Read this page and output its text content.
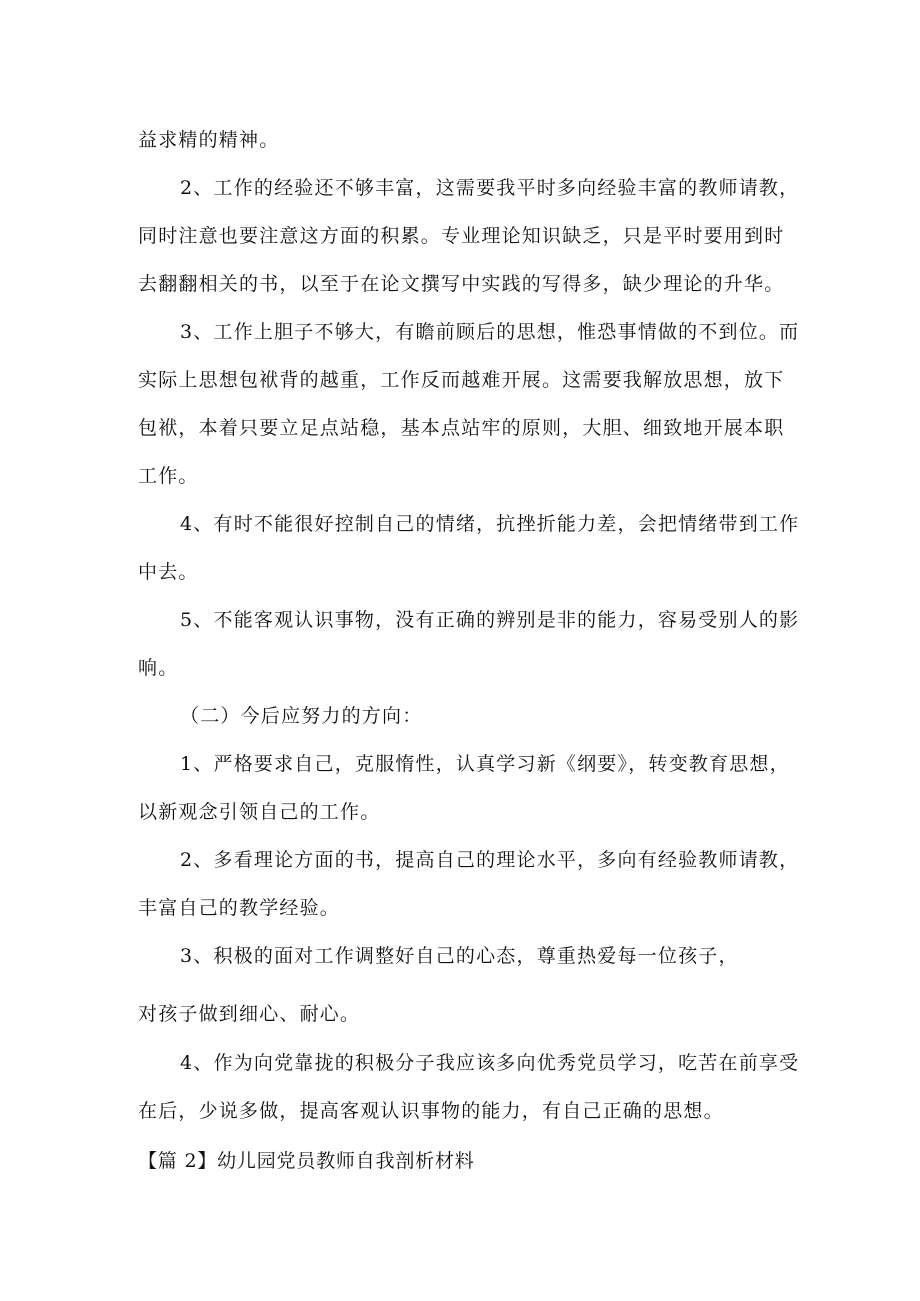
益求精的精神。
2、工作的经验还不够丰富，这需要我平时多向经验丰富的教师请教，
同时注意也要注意这方面的积累。专业理论知识缺乏，只是平时要用到时
去翻翻相关的书，以至于在论文撰写中实践的写得多，缺少理论的升华。
3、工作上胆子不够大，有瞻前顾后的思想，惟恐事情做的不到位。而
实际上思想包袱背的越重，工作反而越难开展。这需要我解放思想，放下
包袱，本着只要立足点站稳，基本点站牢的原则，大胆、细致地开展本职
工作。
4、有时不能很好控制自己的情绪，抗挫折能力差，会把情绪带到工作
中去。
5、不能客观认识事物，没有正确的辨别是非的能力，容易受别人的影
响。
（二）今后应努力的方向：
1、严格要求自己，克服惰性，认真学习新《纲要》，转变教育思想，
以新观念引领自己的工作。
2、多看理论方面的书，提高自己的理论水平，多向有经验教师请教，
丰富自己的教学经验。
3、积极的面对工作调整好自己的心态，尊重热爱每一位孩子，
对孩子做到细心、耐心。
4、作为向党靠拢的积极分子我应该多向优秀党员学习，吃苦在前享受
在后，少说多做，提高客观认识事物的能力，有自己正确的思想。
【篇 2】幼儿园党员教师自我剖析材料
